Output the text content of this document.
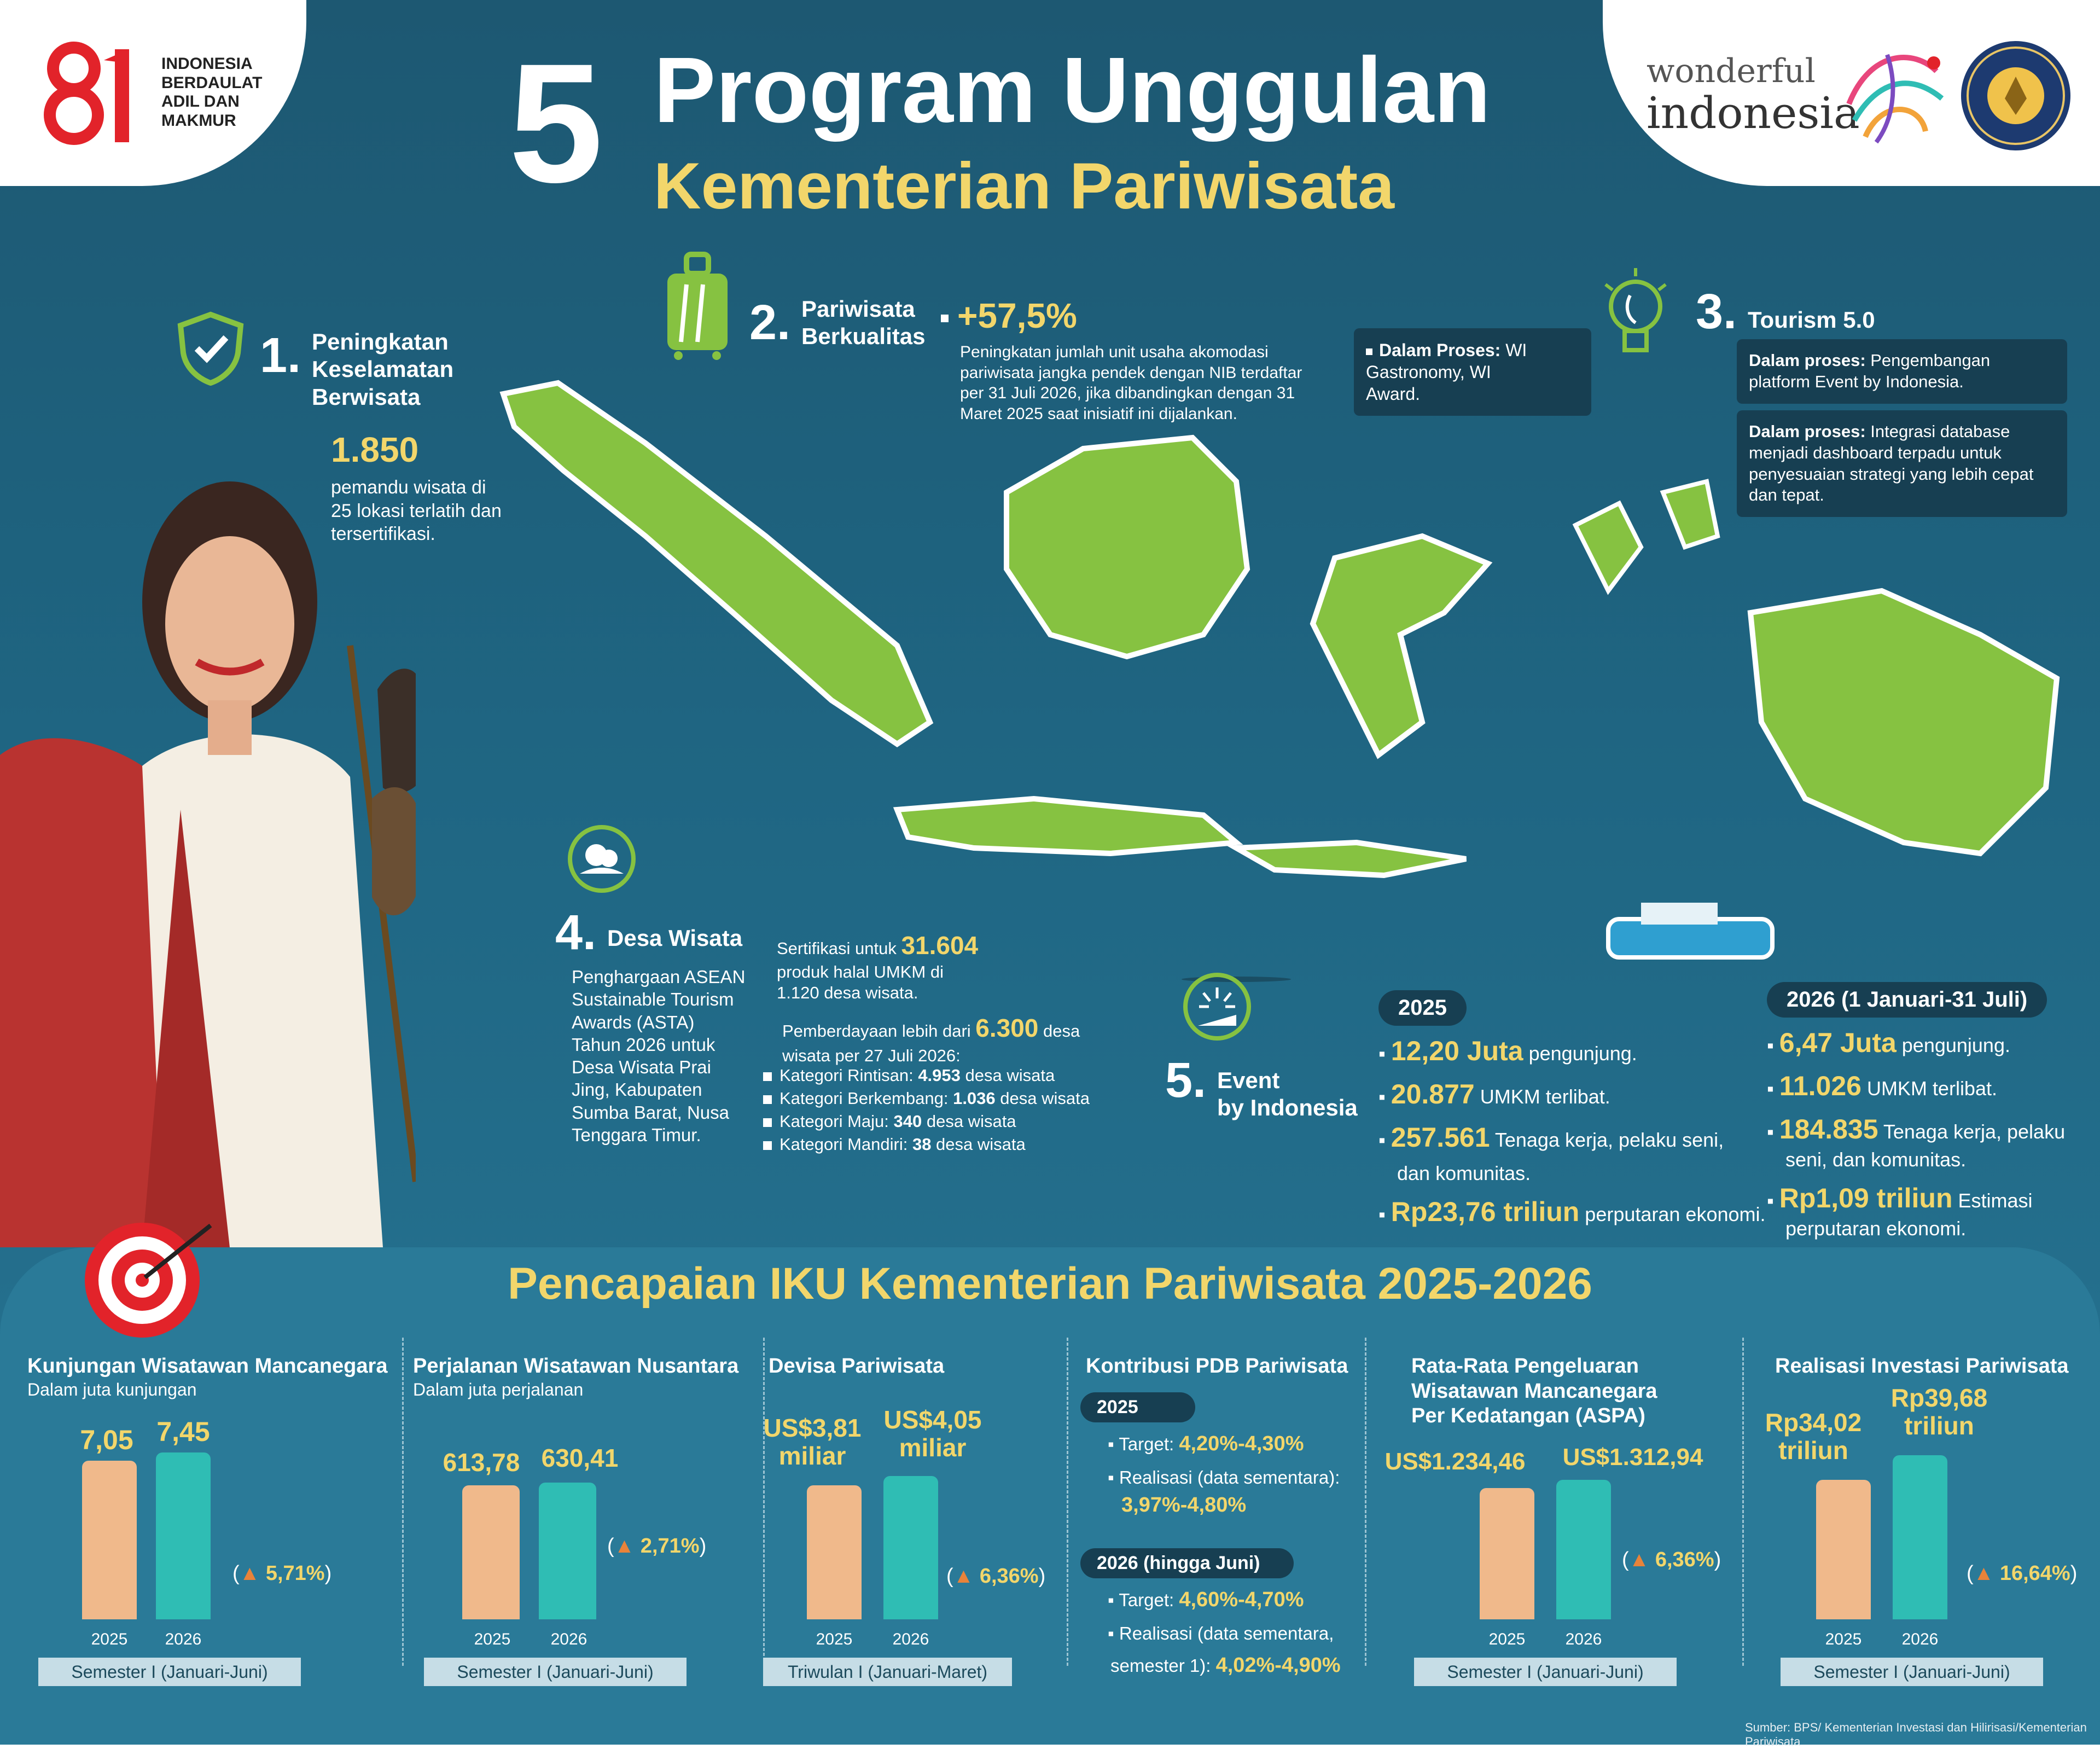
INDONESIA
BERDAULAT
ADIL DAN
MAKMUR 5 Program Unggulan
Kementerian Pariwisata
wonderful
indonesia
1. Peningkatan
Keselamatan
Berwisata
1.850
pemandu wisata di
25 lokasi terlatih dan
tersertifikasi.
2. Pariwisata
Berkualitas
+57,5%
Peningkatan jumlah unit usaha akomodasi
pariwisata jangka pendek dengan NIB terdaftar
per 31 Juli 2026, jika dibandingkan dengan 31
Maret 2025 saat inisiatif ini dijalankan.
Dalam Proses: WI
Gastronomy, WI
Award.
3. Tourism 5.0
Dalam proses: Pengembangan
platform Event by Indonesia.
Dalam proses: Integrasi database
menjadi dashboard terpadu untuk
penyesuaian strategi yang lebih cepat
dan tepat.
4. Desa Wisata
Penghargaan ASEAN
Sustainable Tourism
Awards (ASTA)
Tahun 2026 untuk
Desa Wisata Prai
Jing, Kabupaten
Sumba Barat, Nusa
Tenggara Timur.
Sertifikasi untuk 31.604
produk halal UMKM di
1.120 desa wisata.
Pemberdayaan lebih dari 6.300 desa
wisata per 27 Juli 2026:
Kategori Rintisan: 4.953 desa wisata
Kategori Berkembang: 1.036 desa wisata
Kategori Maju: 340 desa wisata
Kategori Mandiri: 38 desa wisata
5. Event
by Indonesia
2025
▪ 12,20 Juta pengunjung.
▪ 20.877 UMKM terlibat.
▪ 257.561 Tenaga kerja, pelaku seni,
dan komunitas.
▪ Rp23,76 triliun perputaran ekonomi.
2026 (1 Januari-31 Juli)
▪ 6,47 Juta pengunjung.
▪ 11.026 UMKM terlibat.
▪ 184.835 Tenaga kerja, pelaku
seni, dan komunitas.
▪ Rp1,09 triliun Estimasi
perputaran ekonomi.
Pencapaian IKU Kementerian Pariwisata 2025-2026
Kunjungan Wisatawan Mancanegara
Dalam juta kunjungan
7,05 7,45
2025	2026
(▲ 5,71%)
Semester I (Januari-Juni)
Perjalanan Wisatawan Nusantara
Dalam juta perjalanan
613,78 630,41
2025	2026
(▲ 2,71%)
Semester I (Januari-Juni)
Devisa Pariwisata
US$3,81
miliar
US$4,05
miliar
2025	2026
(▲ 6,36%)
Triwulan I (Januari-Maret)
Kontribusi PDB Pariwisata
2025
▪ Target: 4,20%-4,30%
▪ Realisasi (data sementara):
3,97%-4,80%
2026 (hingga Juni)
▪ Target: 4,60%-4,70%
▪ Realisasi (data sementara,
semester 1): 4,02%-4,90%
Rata-Rata Pengeluaran
Wisatawan Mancanegara
Per Kedatangan (ASPA)
US$1.234,46	US$1.312,94
2025	2026
(▲ 6,36%)
Semester I (Januari-Juni)
Realisasi Investasi Pariwisata
Rp34,02
triliun
Rp39,68
triliun
2025	2026
(▲ 16,64%)
Semester I (Januari-Juni)
Sumber: BPS/ Kementerian Investasi dan Hilirisasi/Kementerian Pariwisata
